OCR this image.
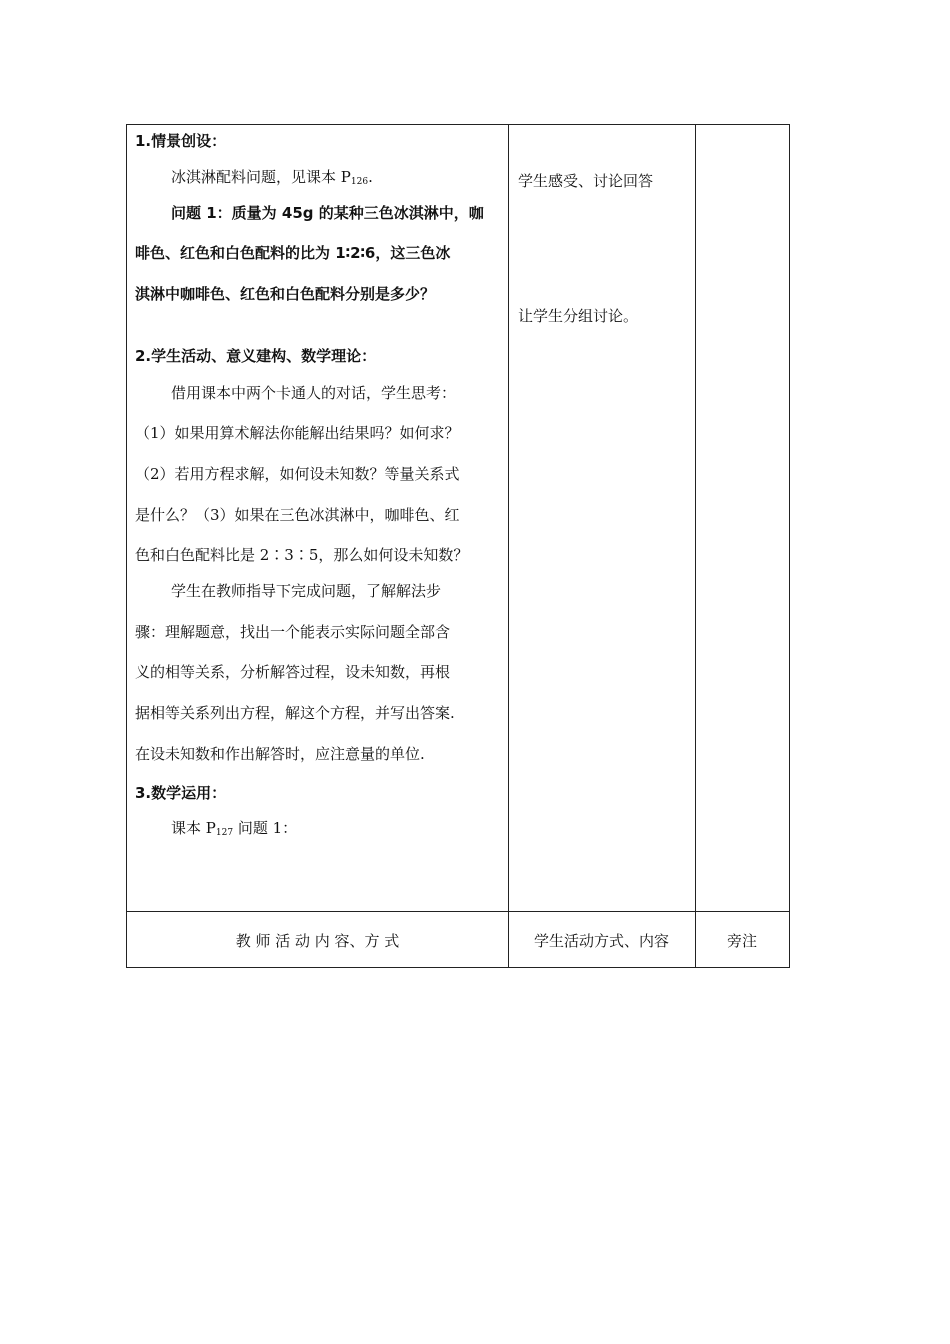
1.情景创设：
冰淇淋配料问题，见课本 $P_{126}$.
问题 1：质量为 45g 的某种三色冰淇淋中，咖
啡色、红色和白色配料的比为 1∶2∶6，这三色冰
淇淋中咖啡色、红色和白色配料分别是多少？
2.学生活动、意义建构、数学理论：
借用课本中两个卡通人的对话，学生思考：
（1）如果用算术解法你能解出结果吗？如何求？
（2）若用方程求解，如何设未知数？等量关系式
是什么？（3）如果在三色冰淇淋中，咖啡色、红
色和白色配料比是 2∶3∶5，那么如何设未知数？
学生在教师指导下完成问题，了解解法步
骤：理解题意，找出一个能表示实际问题全部含
义的相等关系，分析解答过程，设未知数，再根
据相等关系列出方程，解这个方程，并写出答案.
在设未知数和作出解答时，应注意量的单位.
3.数学运用：
课本 $P_{127}$ 问题 1：
学生感受、讨论回答
让学生分组讨论。
教 师 活 动 内 容、方 式	学生活动方式、内容	旁注
